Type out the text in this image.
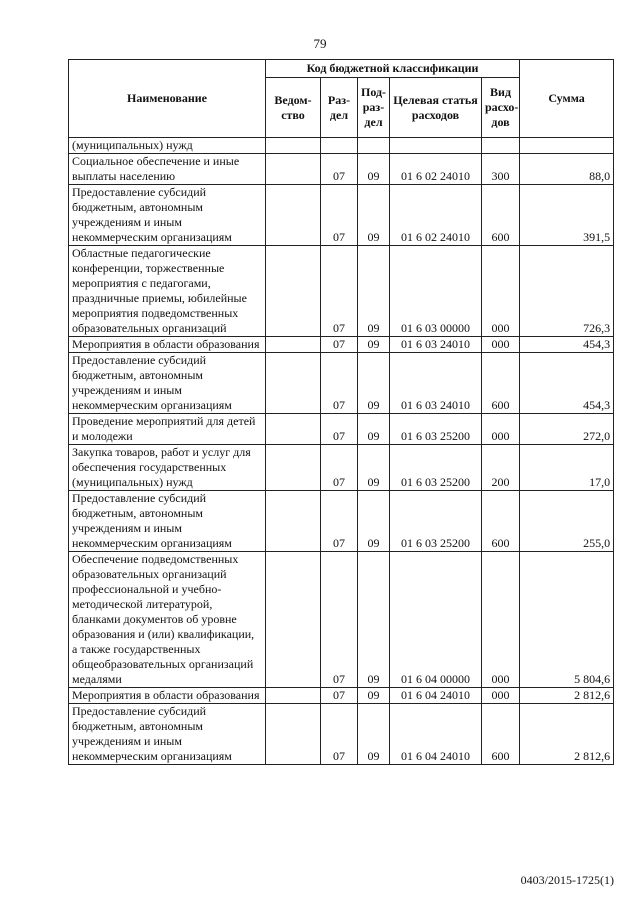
79
Наименование	Код бюджетной классификации					Сумма
	Ведом-ство	Раз-дел	Под-раз-дел	Целевая статья расходов	Вид расхо-дов	
(муниципальных) нужд						
Социальное обеспечение и иные выплаты населению		07	09	01 6 02 24010	300	88,0
Предоставление субсидий бюджетным, автономным учреждениям и иным некоммерческим организациям		07	09	01 6 02 24010	600	391,5
Областные педагогические конференции, торжественные мероприятия с педагогами, праздничные приемы, юбилейные мероприятия подведомственных образовательных организаций		07	09	01 6 03 00000	000	726,3
Мероприятия в области образования		07	09	01 6 03 24010	000	454,3
Предоставление субсидий бюджетным, автономным учреждениям и иным некоммерческим организациям		07	09	01 6 03 24010	600	454,3
Проведение мероприятий для детей и молодежи		07	09	01 6 03 25200	000	272,0
Закупка товаров, работ и услуг для обеспечения государственных (муниципальных) нужд		07	09	01 6 03 25200	200	17,0
Предоставление субсидий бюджетным, автономным учреждениям и иным некоммерческим организациям		07	09	01 6 03 25200	600	255,0
Обеспечение подведомственных образовательных организаций профессиональной и учебно-методической литературой, бланками документов об уровне образования и (или) квалификации, а также государственных общеобразовательных организаций медалями		07	09	01 6 04 00000	000	5 804,6
Мероприятия в области образования		07	09	01 6 04 24010	000	2 812,6
Предоставление субсидий бюджетным, автономным учреждениям и иным некоммерческим организациям		07	09	01 6 04 24010	600	2 812,6
0403/2015-1725(1)
